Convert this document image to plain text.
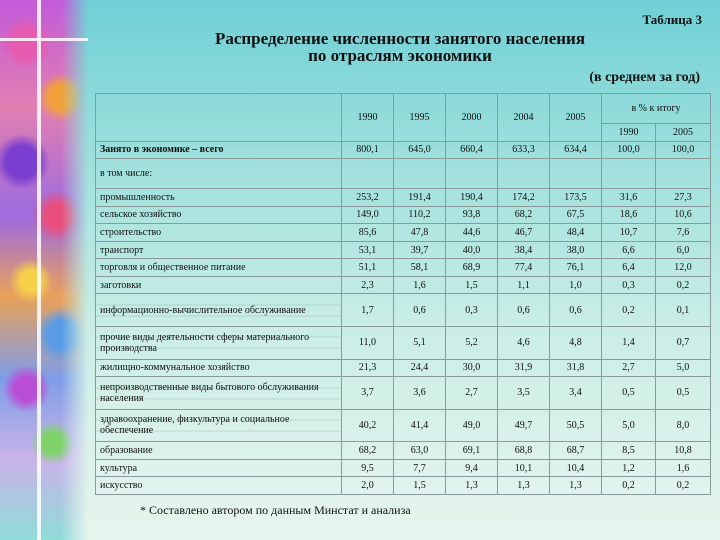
Таблица 3
Распределение численности занятого населения
по отраслям экономики
(в среднем за год)
	1990	1995	2000	2004	2005	в % к итогу	
						1990	2005
Занято в экономике – всего	800,1	645,0	660,4	633,3	634,4	100,0	100,0
в том числе:							
промышленность	253,2	191,4	190,4	174,2	173,5	31,6	27,3
сельское хозяйство	149,0	110,2	93,8	68,2	67,5	18,6	10,6
строительство	85,6	47,8	44,6	46,7	48,4	10,7	7,6
транспорт	53,1	39,7	40,0	38,4	38,0	6,6	6,0
торговля и общественное питание	51,1	58,1	68,9	77,4	76,1	6,4	12,0
заготовки	2,3	1,6	1,5	1,1	1,0	0,3	0,2
информационно-вычислительное обслуживание	1,7	0,6	0,3	0,6	0,6	0,2	0,1
прочие виды деятельности сферы материального производства	11,0	5,1	5,2	4,6	4,8	1,4	0,7
жилищно-коммунальное хозяйство	21,3	24,4	30,0	31,9	31,8	2,7	5,0
непроизводственные виды бытового обслуживания населения	3,7	3,6	2,7	3,5	3,4	0,5	0,5
здравоохранение, физкультура и социальное обеспечение	40,2	41,4	49,0	49,7	50,5	5,0	8,0
образование	68,2	63,0	69,1	68,8	68,7	8,5	10,8
культура	9,5	7,7	9,4	10,1	10,4	1,2	1,6
искусство	2,0	1,5	1,3	1,3	1,3	0,2	0,2
* Составлено автором по данным Минстат и анализа
